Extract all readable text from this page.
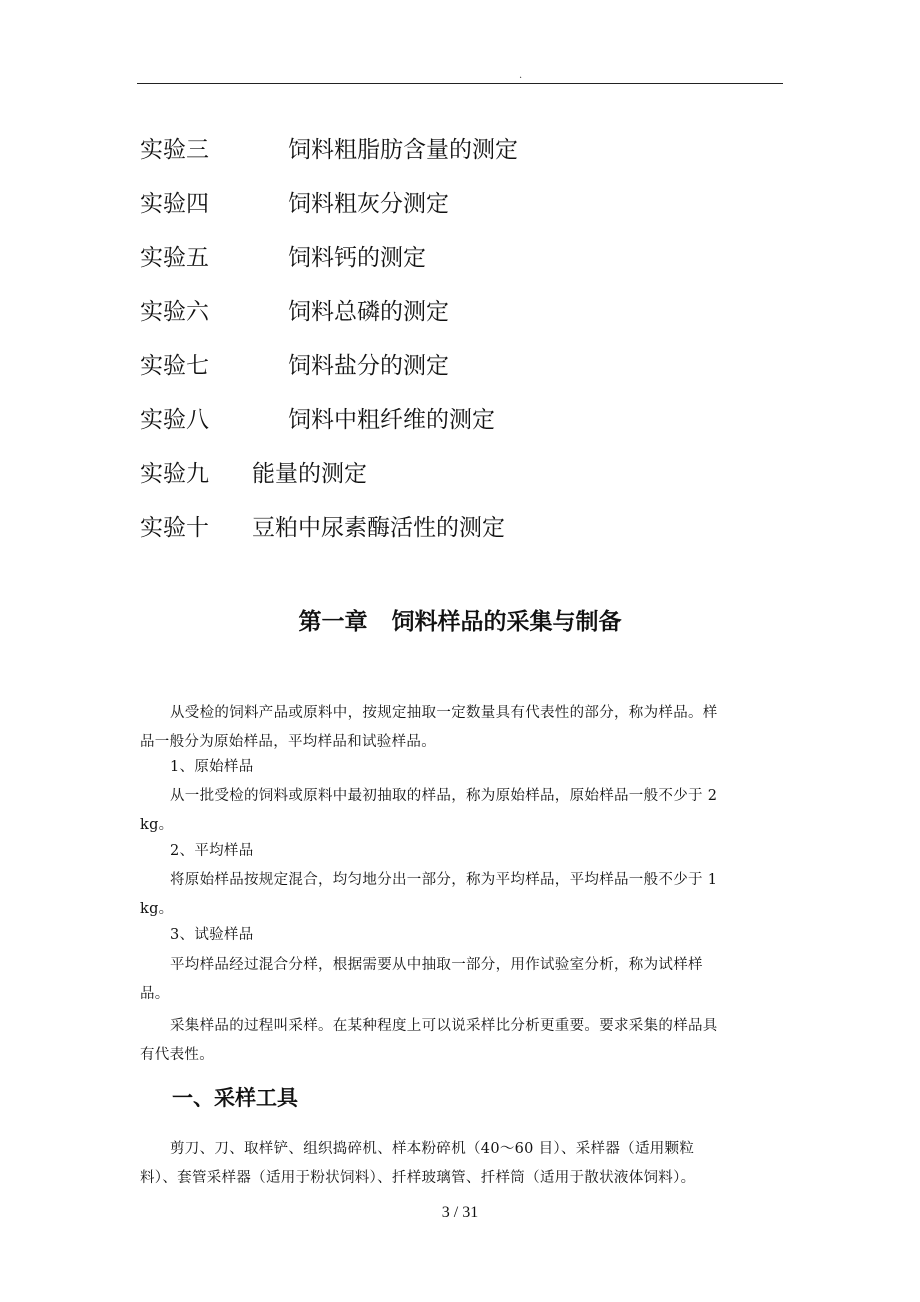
.
实验三	饲料粗脂肪含量的测定
实验四	饲料粗灰分测定
实验五	饲料钙的测定
实验六	饲料总磷的测定
实验七	饲料盐分的测定
实验八	饲料中粗纤维的测定
实验九 能量的测定
实验十 豆粕中尿素酶活性的测定
第一章   饲料样品的采集与制备
从受检的饲料产品或原料中，按规定抽取一定数量具有代表性的部分，称为样品。样
品一般分为原始样品，平均样品和试验样品。
1、原始样品
从一批受检的饲料或原料中最初抽取的样品，称为原始样品，原始样品一般不少于 2
kg。
2、平均样品
将原始样品按规定混合，均匀地分出一部分，称为平均样品，平均样品一般不少于 1
kg。
3、试验样品
平均样品经过混合分样，根据需要从中抽取一部分，用作试验室分析，称为试样样
品。
采集样品的过程叫采样。在某种程度上可以说采样比分析更重要。要求采集的样品具
有代表性。
一、采样工具
剪刀、刀、取样铲、组织捣碎机、样本粉碎机（40～60 目）、采样器（适用颗粒
料）、套管采样器（适用于粉状饲料）、扦样玻璃管、扦样筒（适用于散状液体饲料）。
3 / 31
